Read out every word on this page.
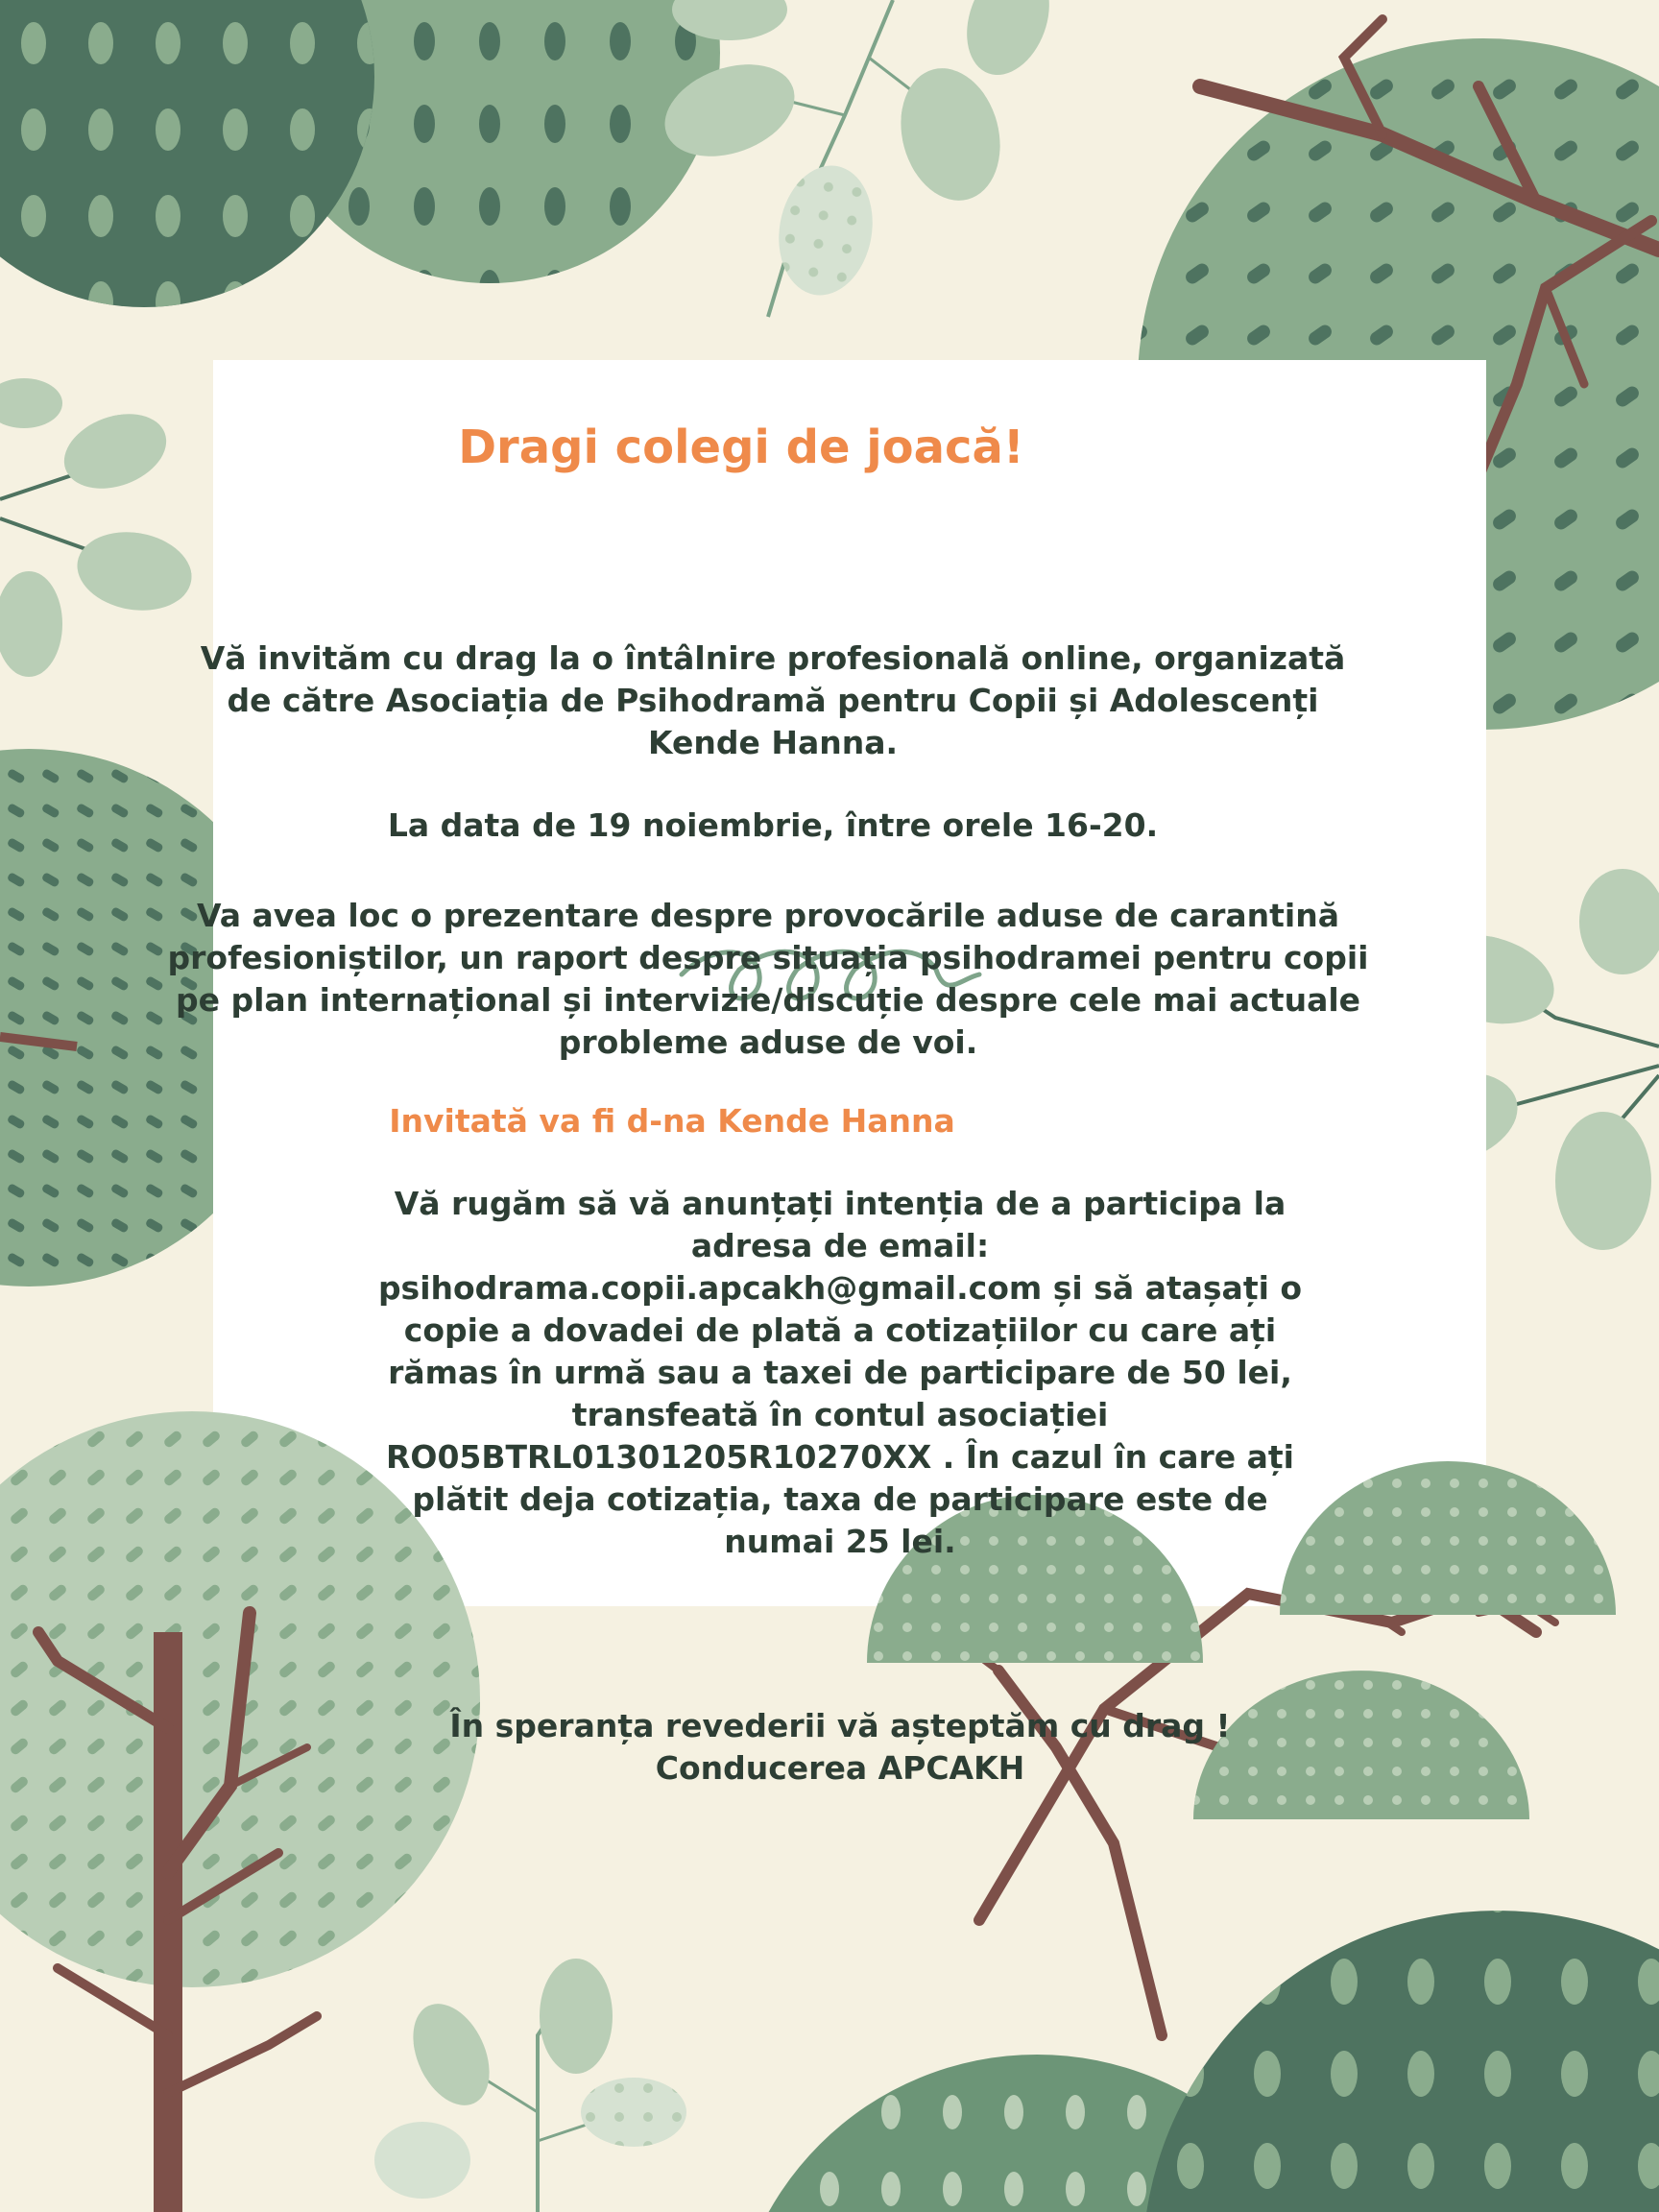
Dragi colegi de joacă!
Vă invităm cu drag la o întâlnire profesională online, organizată
de către Asociația de Psihodramă pentru Copii și Adolescenți
Kende Hanna.
La data de 19 noiembrie, între orele 16-20.
Va avea loc o prezentare despre provocările aduse de carantină
profesioniștilor, un raport despre situația psihodramei pentru copii
pe plan internațional și intervizie/discuție despre cele mai actuale
probleme aduse de voi.
Invitată va fi d-na Kende Hanna
Vă rugăm să vă anunțați intenția de a participa la
adresa de email:
psihodrama.copii.apcakh@gmail.com și să atașați o
copie a dovadei de plată a cotizațiilor cu care ați
rămas în urmă sau a taxei de participare de 50 lei,
transfeată în contul asociației
RO05BTRL01301205R10270XX . În cazul în care ați
plătit deja cotizația, taxa de participare este de
numai 25 lei.
În speranța revederii vă așteptăm cu drag !
Conducerea APCAKH
